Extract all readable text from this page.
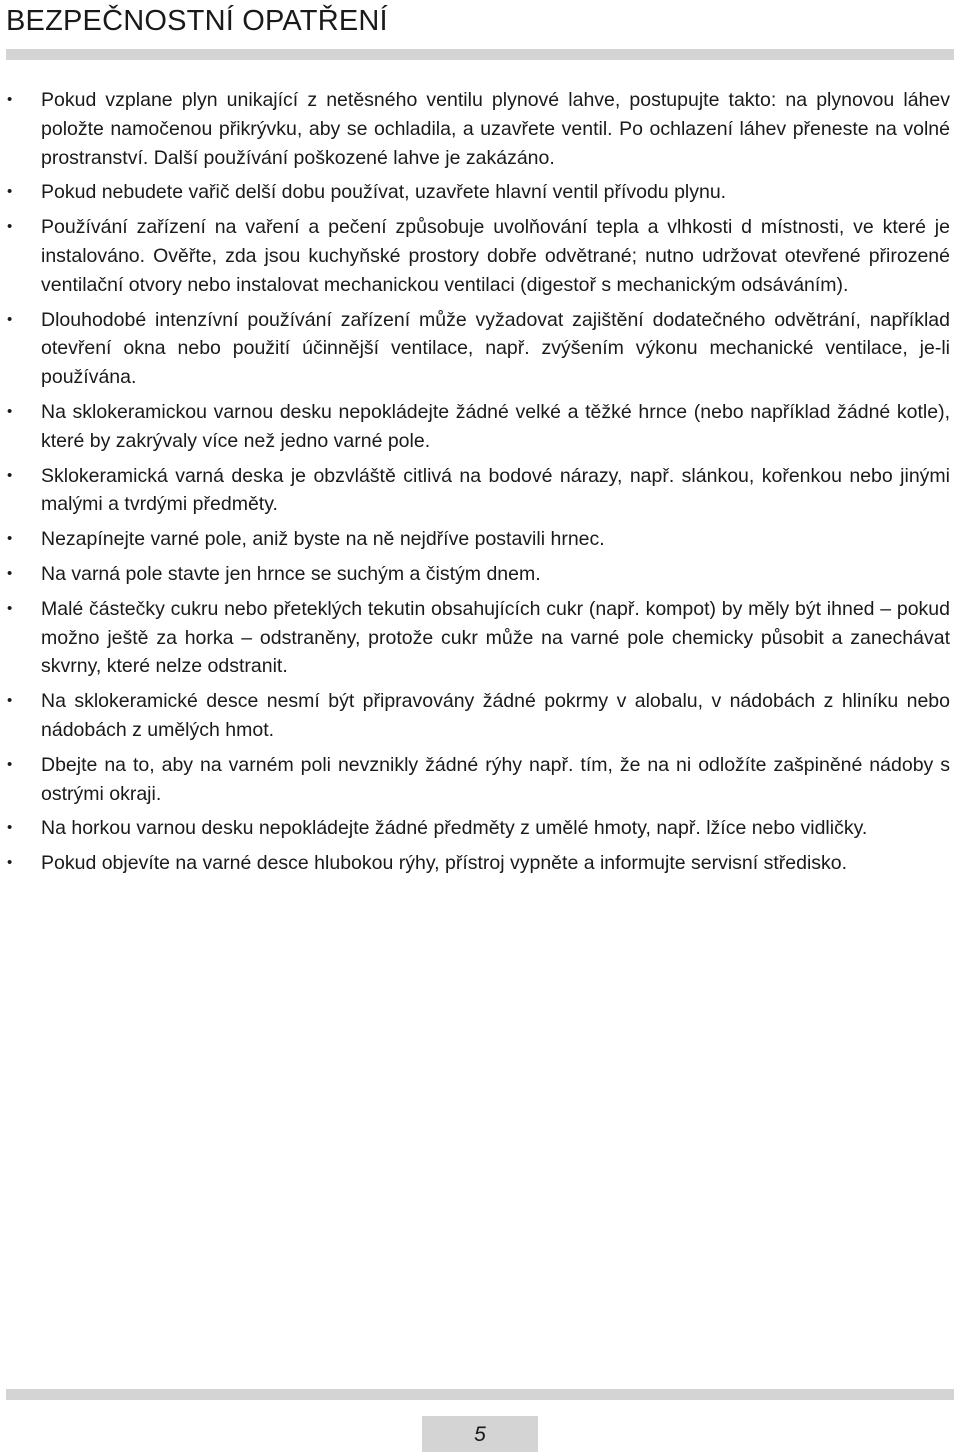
BEZPEČNOSTNÍ OPATŘENÍ
• Pokud vzplane plyn unikající z netěsného ventilu plynové lahve, postupujte takto: na plynovou láhev položte namočenou přikrývku, aby se ochladila, a uzavřete ventil. Po ochlazení láhev přeneste na volné prostranství. Další používání poškozené lahve je zakázáno.
• Pokud nebudete vařič delší dobu používat, uzavřete hlavní ventil přívodu plynu.
• Používání zařízení na vaření a pečení způsobuje uvolňování tepla a vlhkosti d místnosti, ve které je instalováno. Ověřte, zda jsou kuchyňské prostory dobře odvětrané; nutno udržovat otevřené přirozené ventilační otvory nebo instalovat mechanickou ventilaci (digestoř s mechanickým odsáváním).
• Dlouhodobé intenzívní používání zařízení může vyžadovat zajištění dodatečného odvětrání, například otevření okna nebo použití účinnější ventilace, např. zvýšením výkonu mechanické ventilace, je-li používána.
• Na sklokeramickou varnou desku nepokládejte žádné velké a těžké hrnce (nebo například žádné kotle), které by zakrývaly více než jedno varné pole.
• Sklokeramická varná deska je obzvláště citlivá na bodové nárazy, např. slánkou, kořenkou nebo jinými malými a tvrdými předměty.
• Nezapínejte varné pole, aniž byste na ně nejdříve postavili hrnec.
• Na varná pole stavte jen hrnce se suchým a čistým dnem.
• Malé částečky cukru nebo přeteklých tekutin obsahujících cukr (např. kompot) by měly být ihned – pokud možno ještě za horka – odstraněny, protože cukr může na varné pole chemicky působit a zanechávat skvrny, které nelze odstranit.
• Na sklokeramické desce nesmí být připravovány žádné pokrmy v alobalu, v nádobách z hliníku nebo nádobách z umělých hmot.
• Dbejte na to, aby na varném poli nevznikly žádné rýhy např. tím, že na ni odložíte zašpiněné nádoby s ostrými okraji.
• Na horkou varnou desku nepokládejte žádné předměty z umělé hmoty, např. lžíce nebo vidličky.
• Pokud objevíte na varné desce hlubokou rýhy, přístroj vypněte a informujte servisní středisko.
5
